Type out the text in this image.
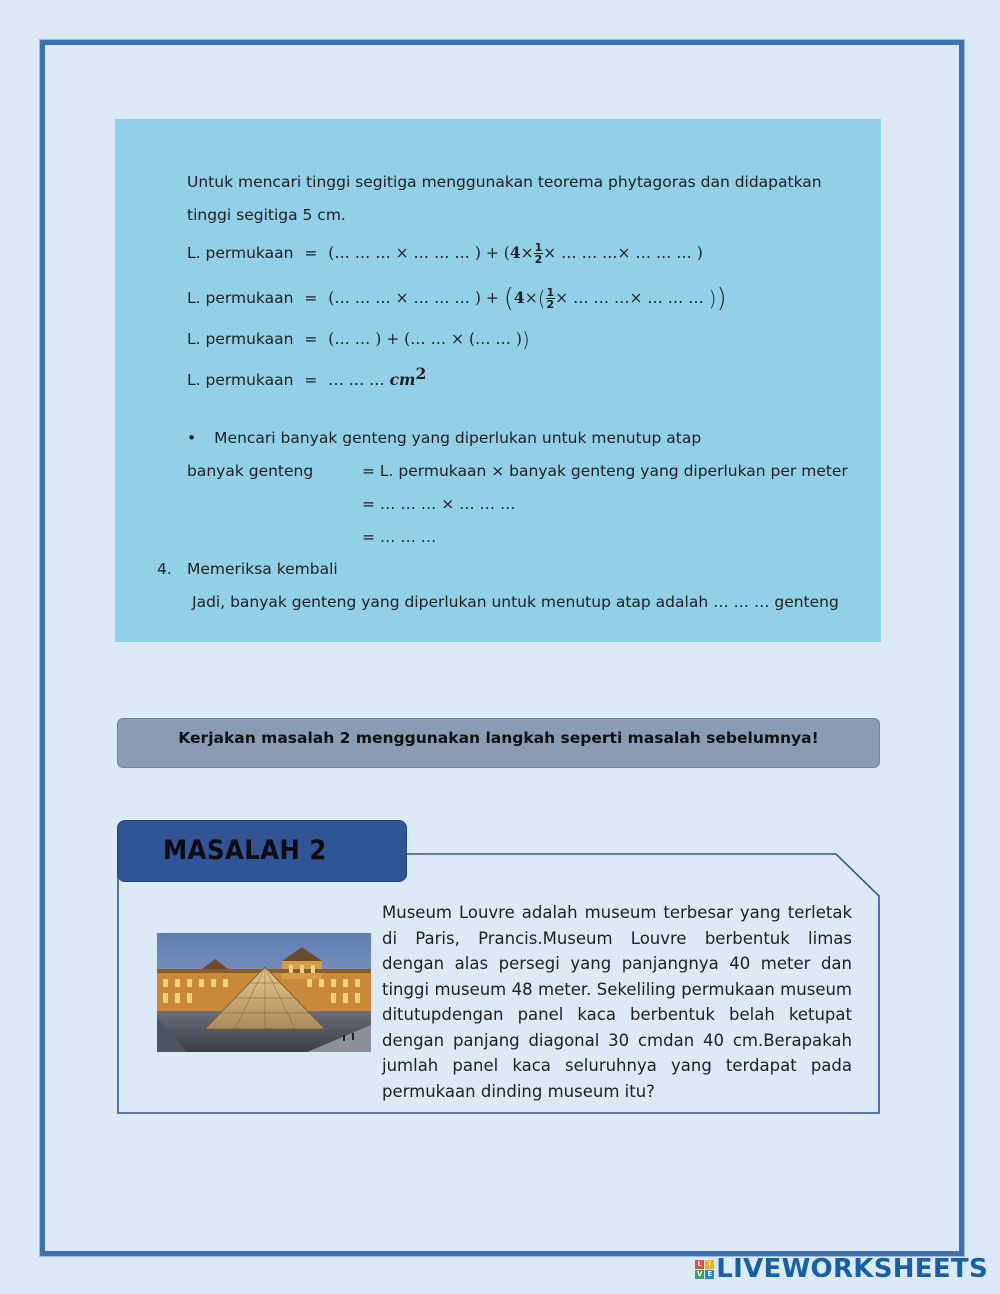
Untuk mencari tinggi segitiga menggunakan teorema phytagoras dan didapatkan
tinggi segitiga 5 cm.
L. permukaan = (… … … × … … … ) + ($4\times \frac{1}{2}$ × … … …× … … … )
L. permukaan = (… … … × … … … ) + ($4\times( \frac{1}{2}$ × … … …× … … … ))
L. permukaan = (… … ) + (… … × (… … ))
L. permukaan = … … … $cm^2$
• Mencari banyak genteng yang diperlukan untuk menutup atap
banyak genteng	= L. permukaan × banyak genteng yang diperlukan per meter
= … … … × … … …
= … … …
4. Memeriksa kembali
Jadi, banyak genteng yang diperlukan untuk menutup atap adalah … … … genteng
Kerjakan masalah 2 menggunakan langkah seperti masalah sebelumnya!
MASALAH 2
Museum Louvre adalah museum terbesar yang terletak di Paris, Prancis.Museum Louvre berbentuk limas dengan alas persegi yang panjangnya 40 meter dan tinggi museum 48 meter. Sekeliling permukaan museum ditutupdengan panel kaca berbentuk belah ketupat dengan panjang diagonal 30 cmdan 40 cm.Berapakah jumlah panel kaca seluruhnya yang terdapat pada permukaan dinding museum itu?
L I
V E LIVEWORKSHEETS
